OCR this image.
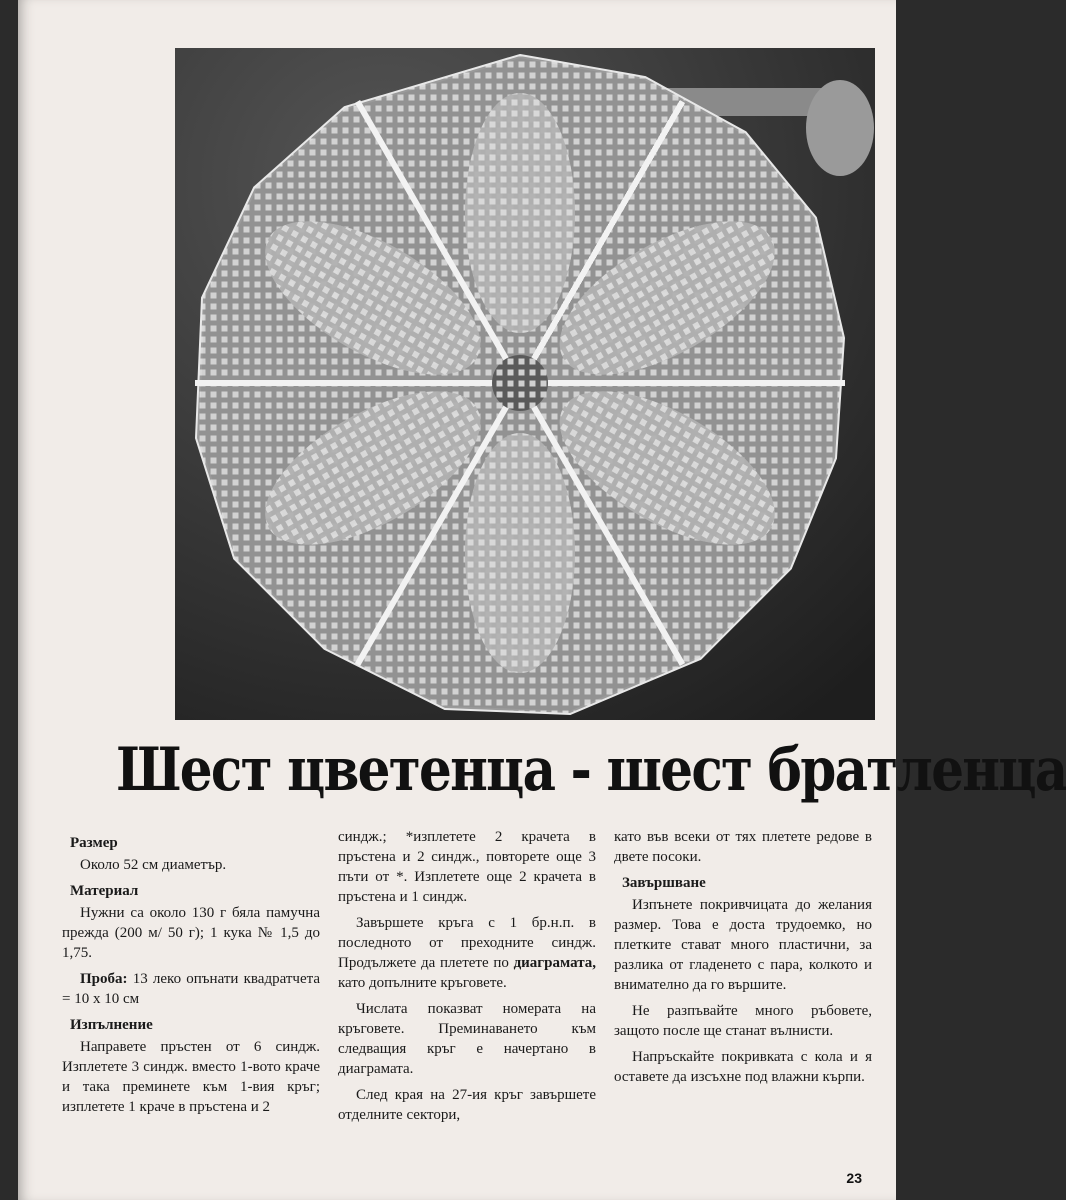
Шест цветенца - шест братленца
Размер

Около 52 см диаметър.

Материал

Нужни са около 130 г бяла памучна прежда (200 м/ 50 г); 1 кука № 1,5 до 1,75.

Проба: 13 леко опънати квадратчета = 10 х 10 см

Изпълнение

Направете пръстен от 6 синдж. Изплетете 3 синдж. вместо 1-вото краче и така преминете към 1-вия кръг; изплетете 1 краче в пръстена и 2

синдж.; *изплетете 2 крачета в пръстена и 2 синдж., повторете още 3 пъти от *. Изплетете още 2 крачета в пръстена и 1 синдж.

Завършете кръга с 1 бр.н.п. в последното от преходните синдж. Продължете да плетете по диаграмата, като допълните кръговете.

Числата показват номерата на кръговете. Преминаването към следващия кръг е начертано в диаграмата.

След края на 27-ия кръг завършете отделните сектори,

като във всеки от тях плетете редове в двете посоки.

Завършване

Изпънете покривчицата до желания размер. Това е доста трудоемко, но плетките стават много пластични, за разлика от гладенето с пара, колкото и внимателно да го вършите.

Не разпъвайте много ръбовете, защото после ще станат вълнисти.

Напръскайте покривката с кола и я оставете да изсъхне под влажни кърпи.

23
